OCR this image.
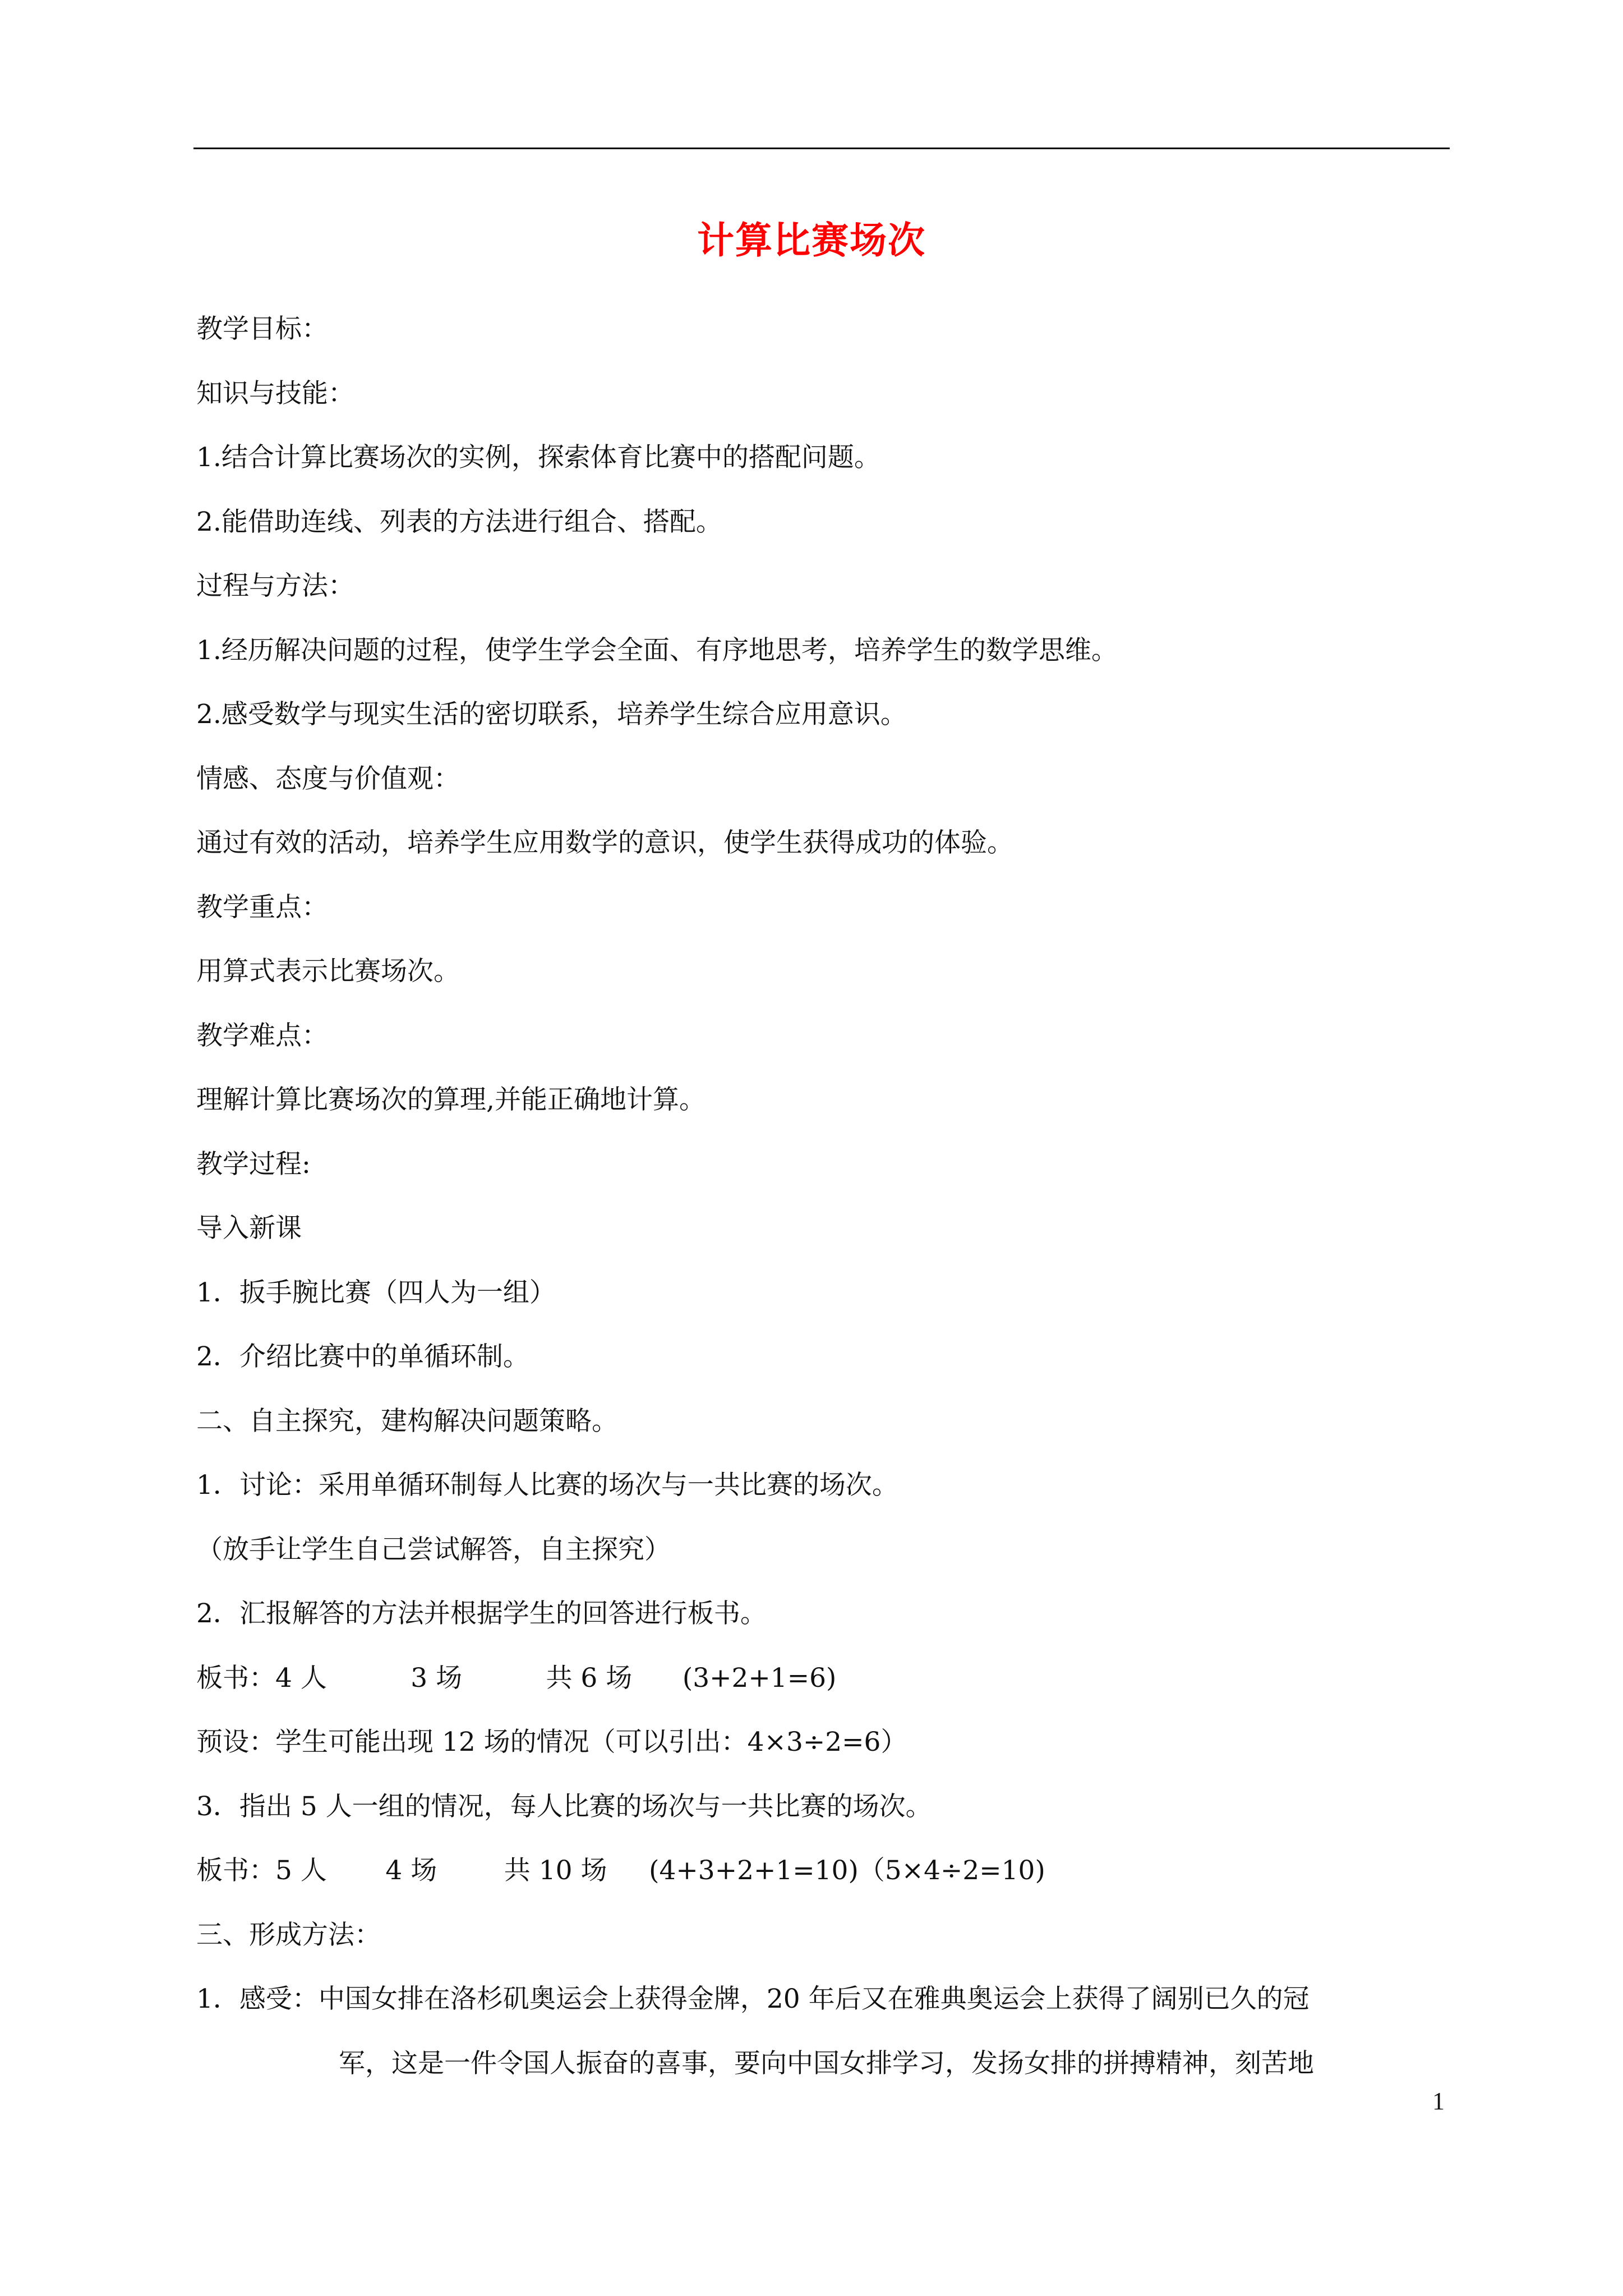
计算比赛场次
教学目标：
知识与技能：
1.结合计算比赛场次的实例，探索体育比赛中的搭配问题。
2.能借助连线、列表的方法进行组合、搭配。
过程与方法：
1.经历解决问题的过程，使学生学会全面、有序地思考，培养学生的数学思维。
2.感受数学与现实生活的密切联系，培养学生综合应用意识。
情感、态度与价值观：
通过有效的活动，培养学生应用数学的意识，使学生获得成功的体验。
教学重点：
用算式表示比赛场次。
教学难点：
理解计算比赛场次的算理,并能正确地计算。
教学过程:
导入新课
1．扳手腕比赛（四人为一组）
2．介绍比赛中的单循环制。
二、自主探究，建构解决问题策略。
1．讨论：采用单循环制每人比赛的场次与一共比赛的场次。
（放手让学生自己尝试解答，自主探究）
2．汇报解答的方法并根据学生的回答进行板书。
板书：4 人          3 场          共 6 场      (3+2+1=6)
预设：学生可能出现 12 场的情况（可以引出：4×3÷2=6）
3．指出 5 人一组的情况，每人比赛的场次与一共比赛的场次。
板书：5 人       4 场        共 10 场     (4+3+2+1=10)（5×4÷2=10)
三、形成方法：
1．感受：中国女排在洛杉矶奥运会上获得金牌，20 年后又在雅典奥运会上获得了阔别已久的冠
军，这是一件令国人振奋的喜事，要向中国女排学习，发扬女排的拼搏精神，刻苦地
1
